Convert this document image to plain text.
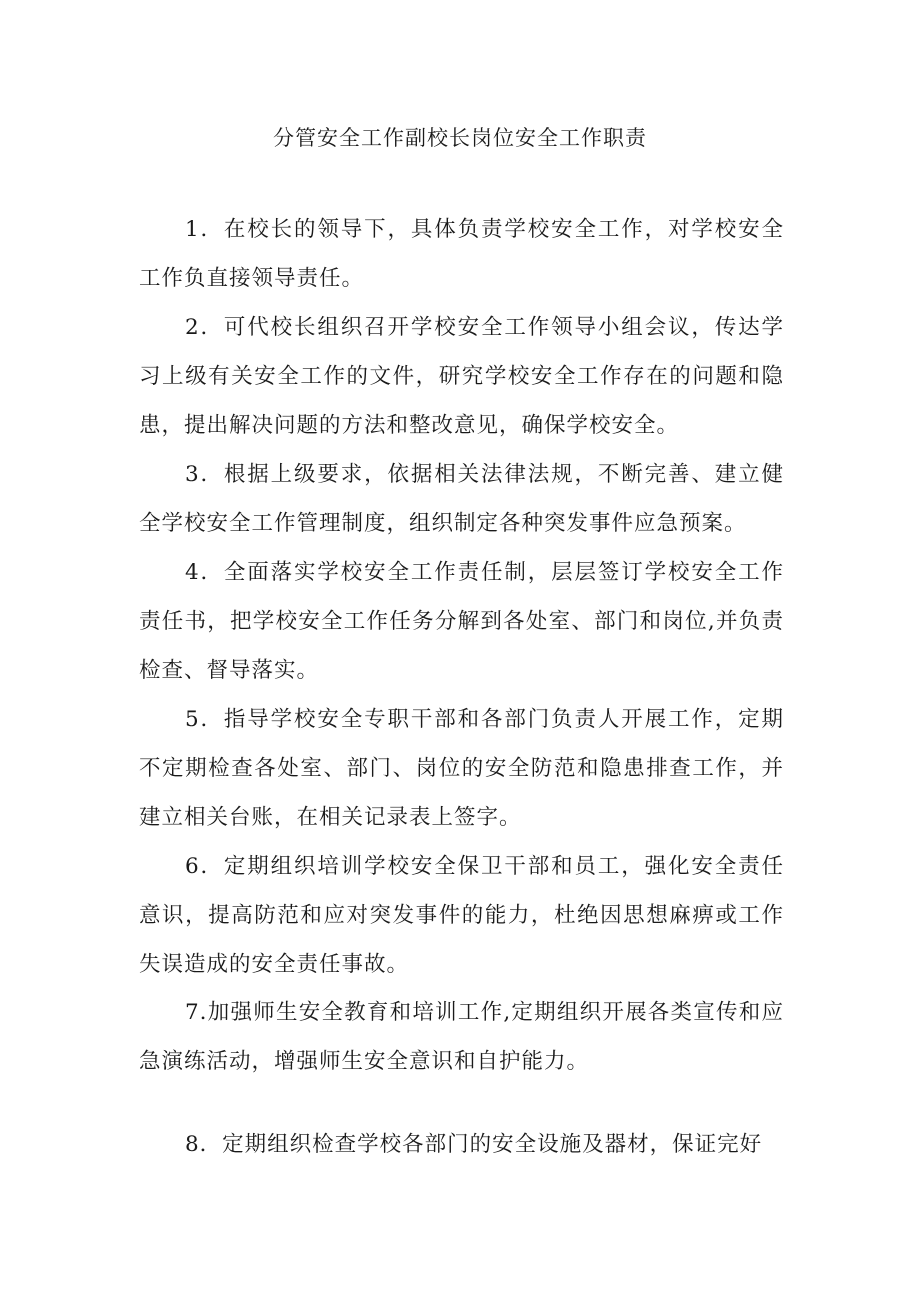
分管安全工作副校长岗位安全工作职责

1．在校长的领导下，具体负责学校安全工作，对学校安全工作负直接领导责任。

2．可代校长组织召开学校安全工作领导小组会议，传达学习上级有关安全工作的文件，研究学校安全工作存在的问题和隐患，提出解决问题的方法和整改意见，确保学校安全。

3．根据上级要求，依据相关法律法规，不断完善、建立健全学校安全工作管理制度，组织制定各种突发事件应急预案。

4．全面落实学校安全工作责任制，层层签订学校安全工作责任书，把学校安全工作任务分解到各处室、部门和岗位,并负责检查、督导落实。

5．指导学校安全专职干部和各部门负责人开展工作，定期不定期检查各处室、部门、岗位的安全防范和隐患排查工作，并建立相关台账，在相关记录表上签字。

6．定期组织培训学校安全保卫干部和员工，强化安全责任意识，提高防范和应对突发事件的能力，杜绝因思想麻痹或工作失误造成的安全责任事故。

7.加强师生安全教育和培训工作,定期组织开展各类宣传和应急演练活动，增强师生安全意识和自护能力。

8．定期组织检查学校各部门的安全设施及器材，保证完好
